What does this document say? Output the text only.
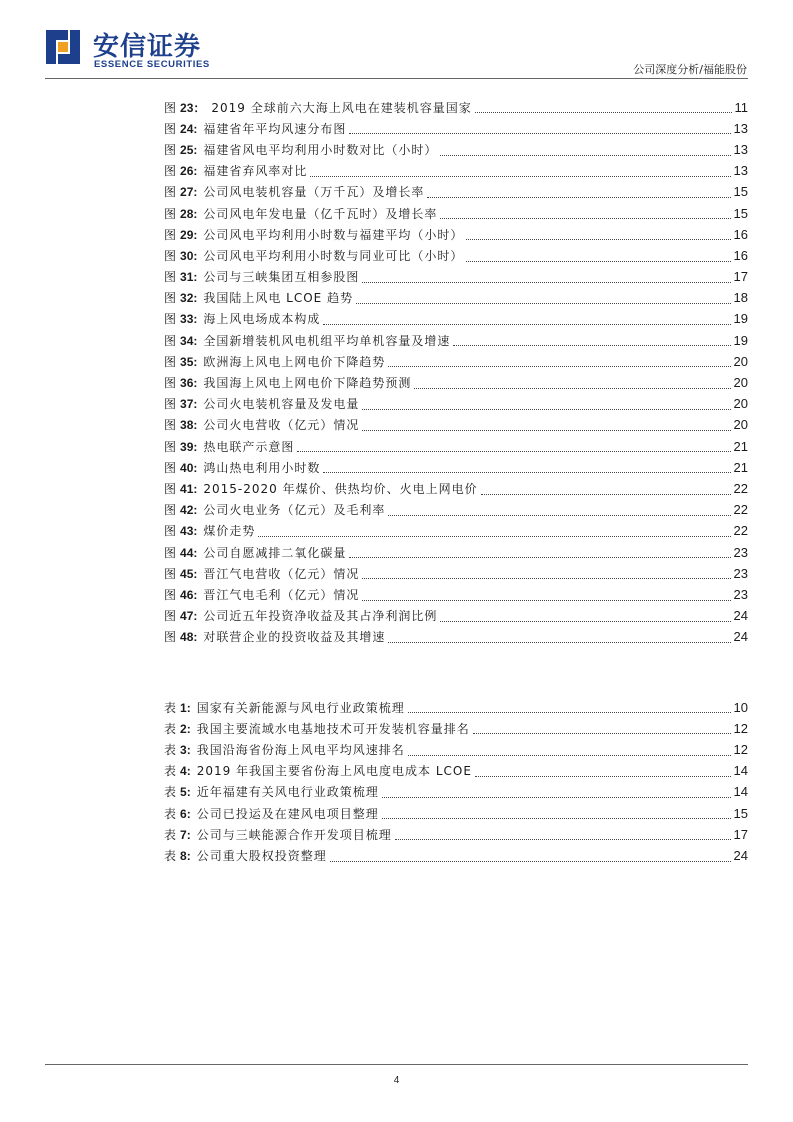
安信证券
ESSENCE SECURITIES	公司深度分析/福能股份
图 23： 2019 全球前六大海上风电在建装机容量国家	11
图 24: 福建省年平均风速分布图	13
图 25: 福建省风电平均利用小时数对比（小时）	13
图 26: 福建省弃风率对比	13
图 27: 公司风电装机容量（万千瓦）及增长率	15
图 28: 公司风电年发电量（亿千瓦时）及增长率	15
图 29: 公司风电平均利用小时数与福建平均（小时）	16
图 30: 公司风电平均利用小时数与同业可比（小时）	16
图 31: 公司与三峡集团互相参股图	17
图 32: 我国陆上风电 LCOE 趋势	18
图 33: 海上风电场成本构成	19
图 34: 全国新增装机风电机组平均单机容量及增速	19
图 35: 欧洲海上风电上网电价下降趋势	20
图 36: 我国海上风电上网电价下降趋势预测	20
图 37: 公司火电装机容量及发电量	20
图 38: 公司火电营收（亿元）情况	20
图 39: 热电联产示意图	21
图 40: 鸿山热电利用小时数	21
图 41: 2015-2020 年煤价、供热均价、火电上网电价	22
图 42: 公司火电业务（亿元）及毛利率	22
图 43: 煤价走势	22
图 44: 公司自愿减排二氧化碳量	23
图 45: 晋江气电营收（亿元）情况	23
图 46: 晋江气电毛利（亿元）情况	23
图 47: 公司近五年投资净收益及其占净利润比例	24
图 48: 对联营企业的投资收益及其增速	24
表 1: 国家有关新能源与风电行业政策梳理	10
表 2: 我国主要流域水电基地技术可开发装机容量排名	12
表 3: 我国沿海省份海上风电平均风速排名	12
表 4: 2019 年我国主要省份海上风电度电成本 LCOE	14
表 5: 近年福建有关风电行业政策梳理	14
表 6: 公司已投运及在建风电项目整理	15
表 7: 公司与三峡能源合作开发项目梳理	17
表 8: 公司重大股权投资整理	24
4
